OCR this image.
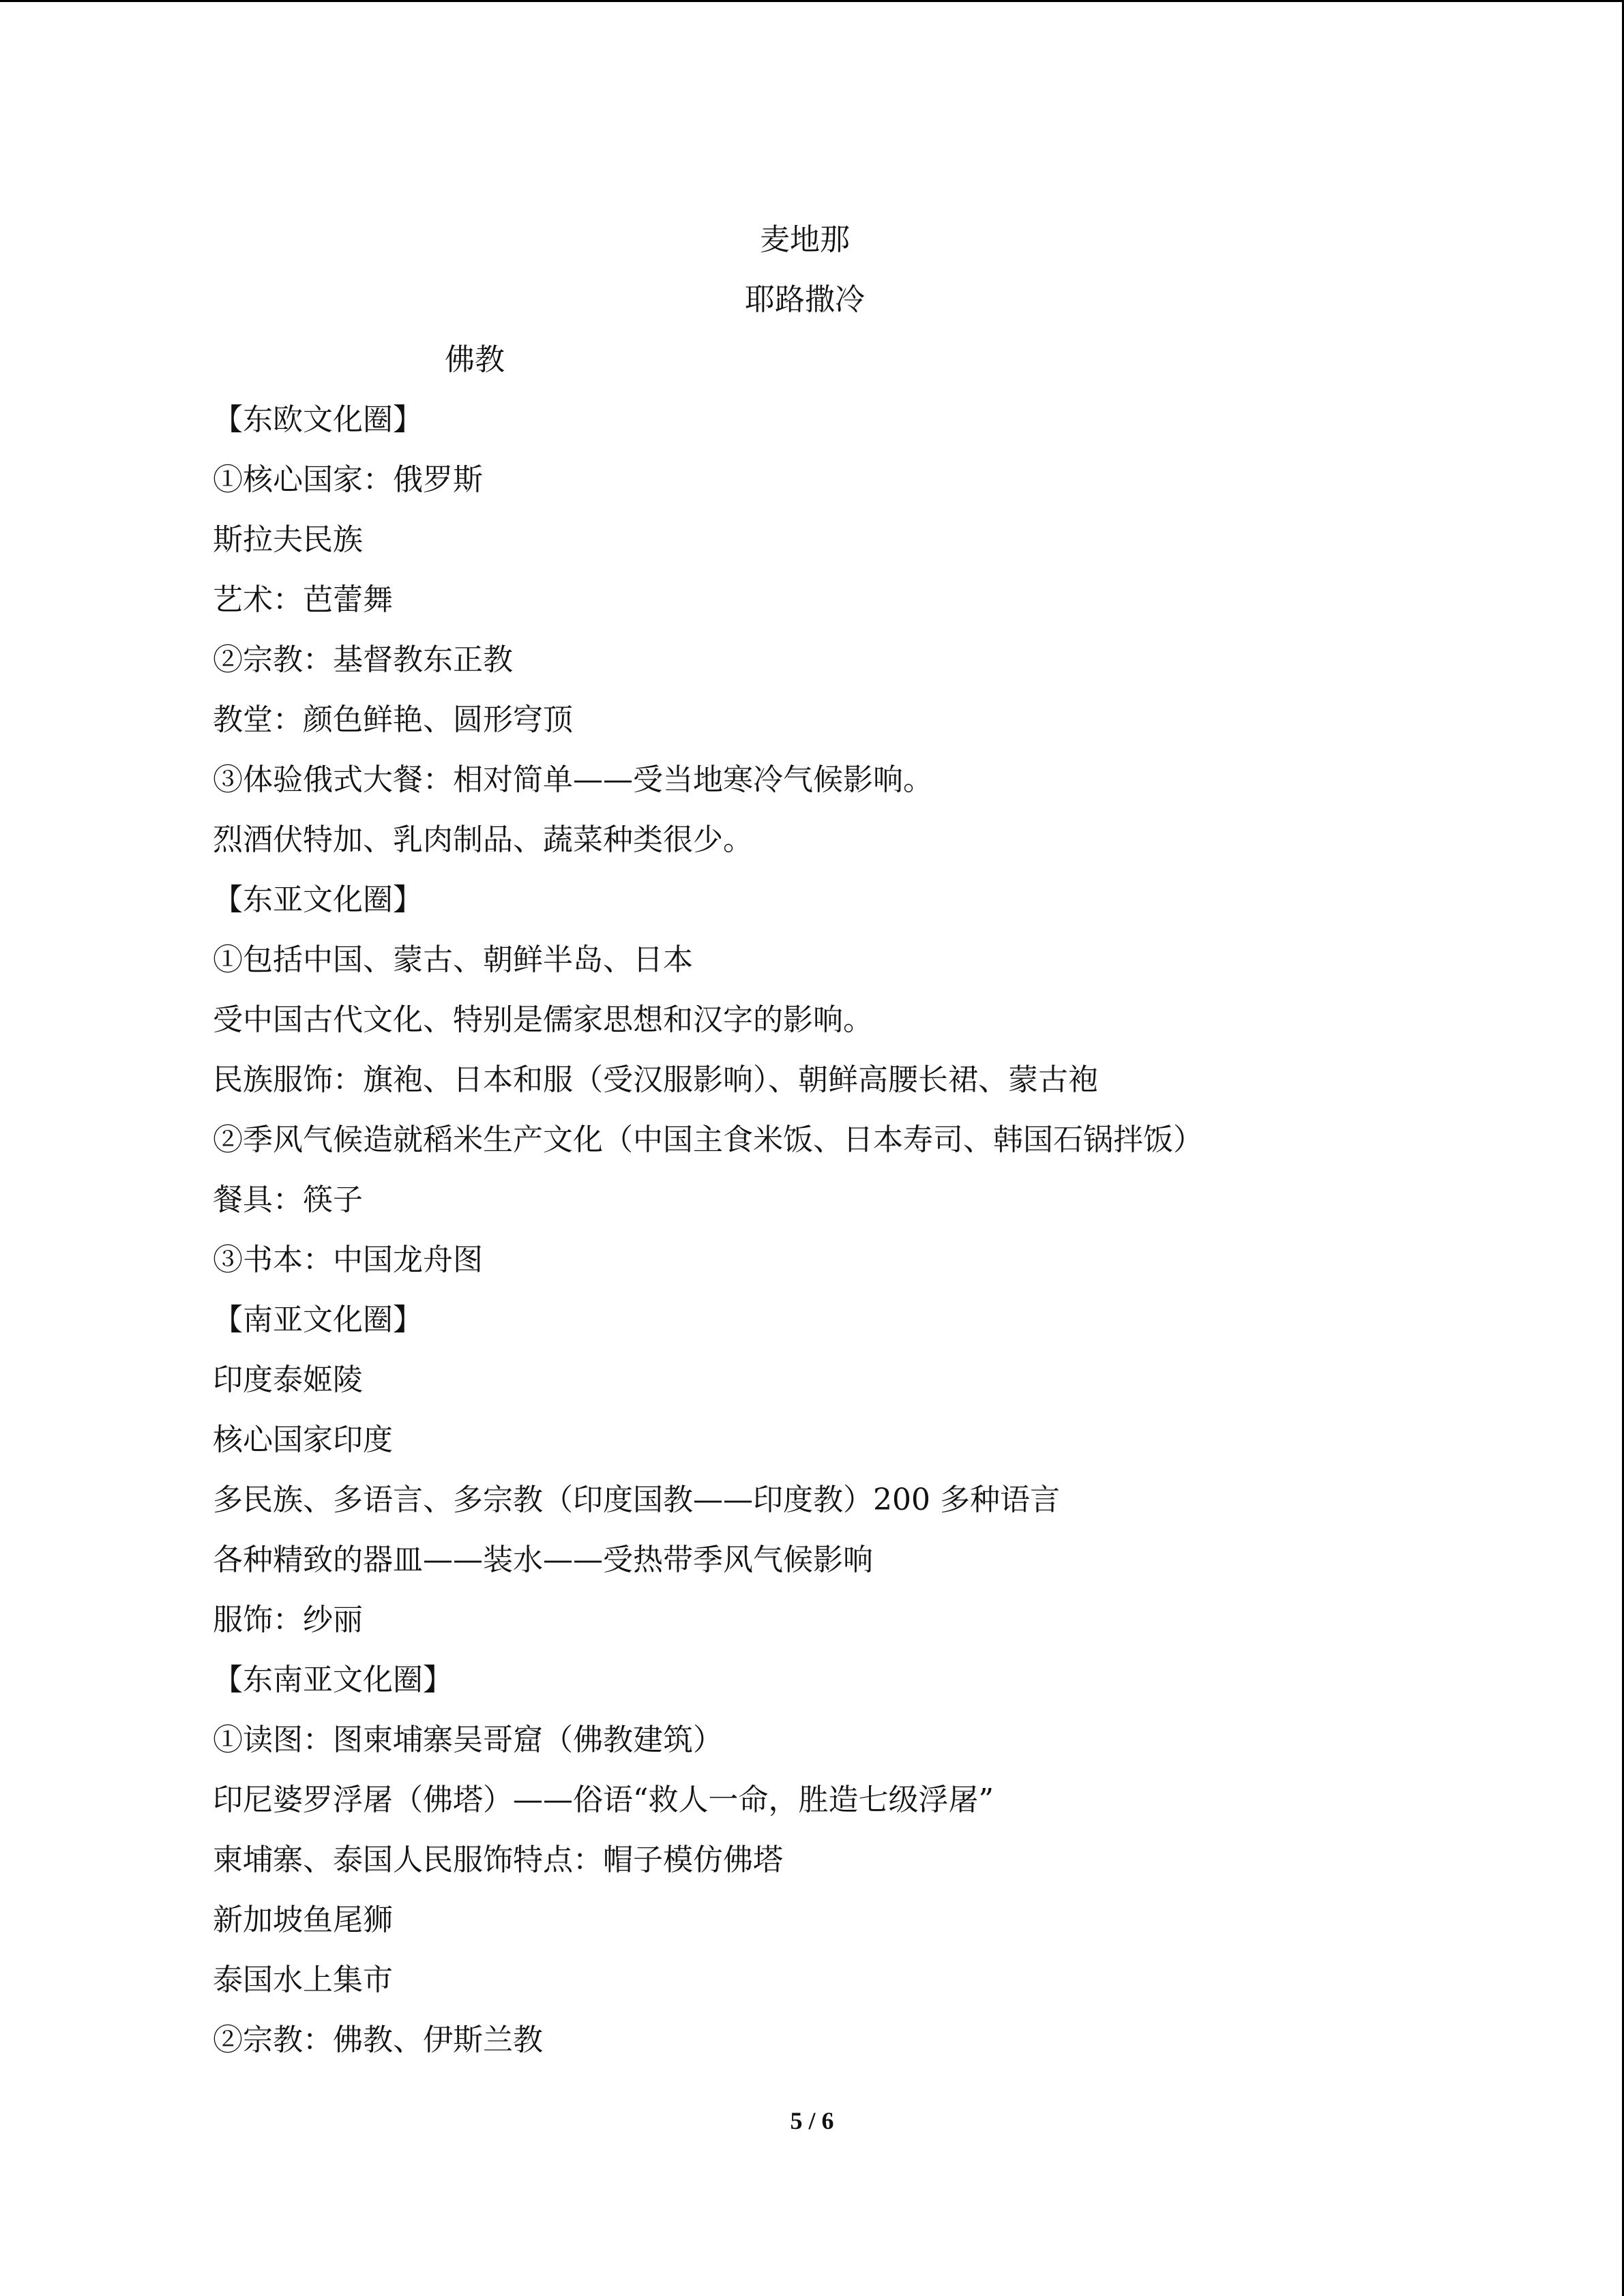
麦地那
耶路撒冷
佛教
【东欧文化圈】
①核心国家：俄罗斯
斯拉夫民族
艺术：芭蕾舞
②宗教：基督教东正教
教堂：颜色鲜艳、圆形穹顶
③体验俄式大餐：相对简单——受当地寒冷气候影响。
烈酒伏特加、乳肉制品、蔬菜种类很少。
【东亚文化圈】
①包括中国、蒙古、朝鲜半岛、日本
受中国古代文化、特别是儒家思想和汉字的影响。
民族服饰：旗袍、日本和服（受汉服影响）、朝鲜高腰长裙、蒙古袍
②季风气候造就稻米生产文化（中国主食米饭、日本寿司、韩国石锅拌饭）
餐具：筷子
③书本：中国龙舟图
【南亚文化圈】
印度泰姬陵
核心国家印度
多民族、多语言、多宗教（印度国教——印度教）200 多种语言
各种精致的器皿——装水——受热带季风气候影响
服饰：纱丽
【东南亚文化圈】
①读图：图柬埔寨吴哥窟（佛教建筑）
印尼婆罗浮屠（佛塔）——俗语“救人一命，胜造七级浮屠”
柬埔寨、泰国人民服饰特点：帽子模仿佛塔
新加坡鱼尾狮
泰国水上集市
②宗教：佛教、伊斯兰教
5 / 6
